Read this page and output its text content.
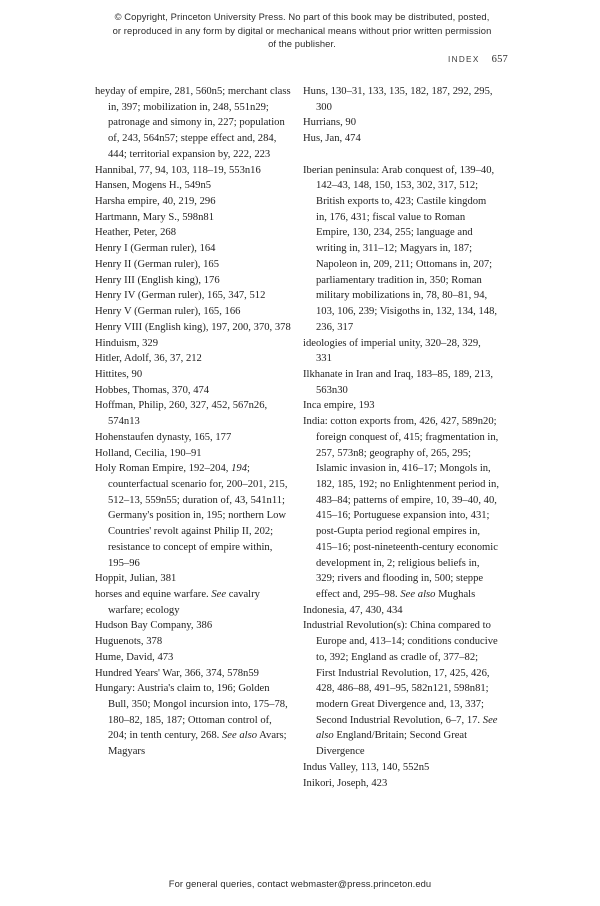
© Copyright, Princeton University Press. No part of this book may be distributed, posted, or reproduced in any form by digital or mechanical means without prior written permission of the publisher.
INDEX 657
heyday of empire, 281, 560n5; merchant class in, 397; mobilization in, 248, 551n29; patronage and simony in, 227; population of, 243, 564n57; steppe effect and, 284, 444; territorial expansion by, 222, 223
Hannibal, 77, 94, 103, 118–19, 553n16
Hansen, Mogens H., 549n5
Harsha empire, 40, 219, 296
Hartmann, Mary S., 598n81
Heather, Peter, 268
Henry I (German ruler), 164
Henry II (German ruler), 165
Henry III (English king), 176
Henry IV (German ruler), 165, 347, 512
Henry V (German ruler), 165, 166
Henry VIII (English king), 197, 200, 370, 378
Hinduism, 329
Hitler, Adolf, 36, 37, 212
Hittites, 90
Hobbes, Thomas, 370, 474
Hoffman, Philip, 260, 327, 452, 567n26, 574n13
Hohenstaufen dynasty, 165, 177
Holland, Cecilia, 190–91
Holy Roman Empire, 192–204, 194; counterfactual scenario for, 200–201, 215, 512–13, 559n55; duration of, 43, 541n11; Germany's position in, 195; northern Low Countries' revolt against Philip II, 202; resistance to concept of empire within, 195–96
Hoppit, Julian, 381
horses and equine warfare. See cavalry warfare; ecology
Hudson Bay Company, 386
Huguenots, 378
Hume, David, 473
Hundred Years' War, 366, 374, 578n59
Hungary: Austria's claim to, 196; Golden Bull, 350; Mongol incursion into, 175–78, 180–82, 185, 187; Ottoman control of, 204; in tenth century, 268. See also Avars; Magyars
Huns, 130–31, 133, 135, 182, 187, 292, 295, 300
Hurrians, 90
Hus, Jan, 474
Iberian peninsula: Arab conquest of, 139–40, 142–43, 148, 150, 153, 302, 317, 512; British exports to, 423; Castile kingdom in, 176, 431; fiscal value to Roman Empire, 130, 234, 255; language and writing in, 311–12; Magyars in, 187; Napoleon in, 209, 211; Ottomans in, 207; parliamentary tradition in, 350; Roman military mobilizations in, 78, 80–81, 94, 103, 106, 239; Visigoths in, 132, 134, 148, 236, 317
ideologies of imperial unity, 320–28, 329, 331
Ilkhanate in Iran and Iraq, 183–85, 189, 213, 563n30
Inca empire, 193
India: cotton exports from, 426, 427, 589n20; foreign conquest of, 415; fragmentation in, 257, 573n8; geography of, 265, 295; Islamic invasion in, 416–17; Mongols in, 182, 185, 192; no Enlightenment period in, 483–84; patterns of empire, 10, 39–40, 40, 415–16; Portuguese expansion into, 431; post-Gupta period regional empires in, 415–16; post-nineteenth-century economic development in, 2; religious beliefs in, 329; rivers and flooding in, 500; steppe effect and, 295–98. See also Mughals
Indonesia, 47, 430, 434
Industrial Revolution(s): China compared to Europe and, 413–14; conditions conducive to, 392; England as cradle of, 377–82; First Industrial Revolution, 17, 425, 426, 428, 486–88, 491–95, 582n121, 598n81; modern Great Divergence and, 13, 337; Second Industrial Revolution, 6–7, 17. See also England/Britain; Second Great Divergence
Indus Valley, 113, 140, 552n5
Inikori, Joseph, 423
For general queries, contact webmaster@press.princeton.edu
